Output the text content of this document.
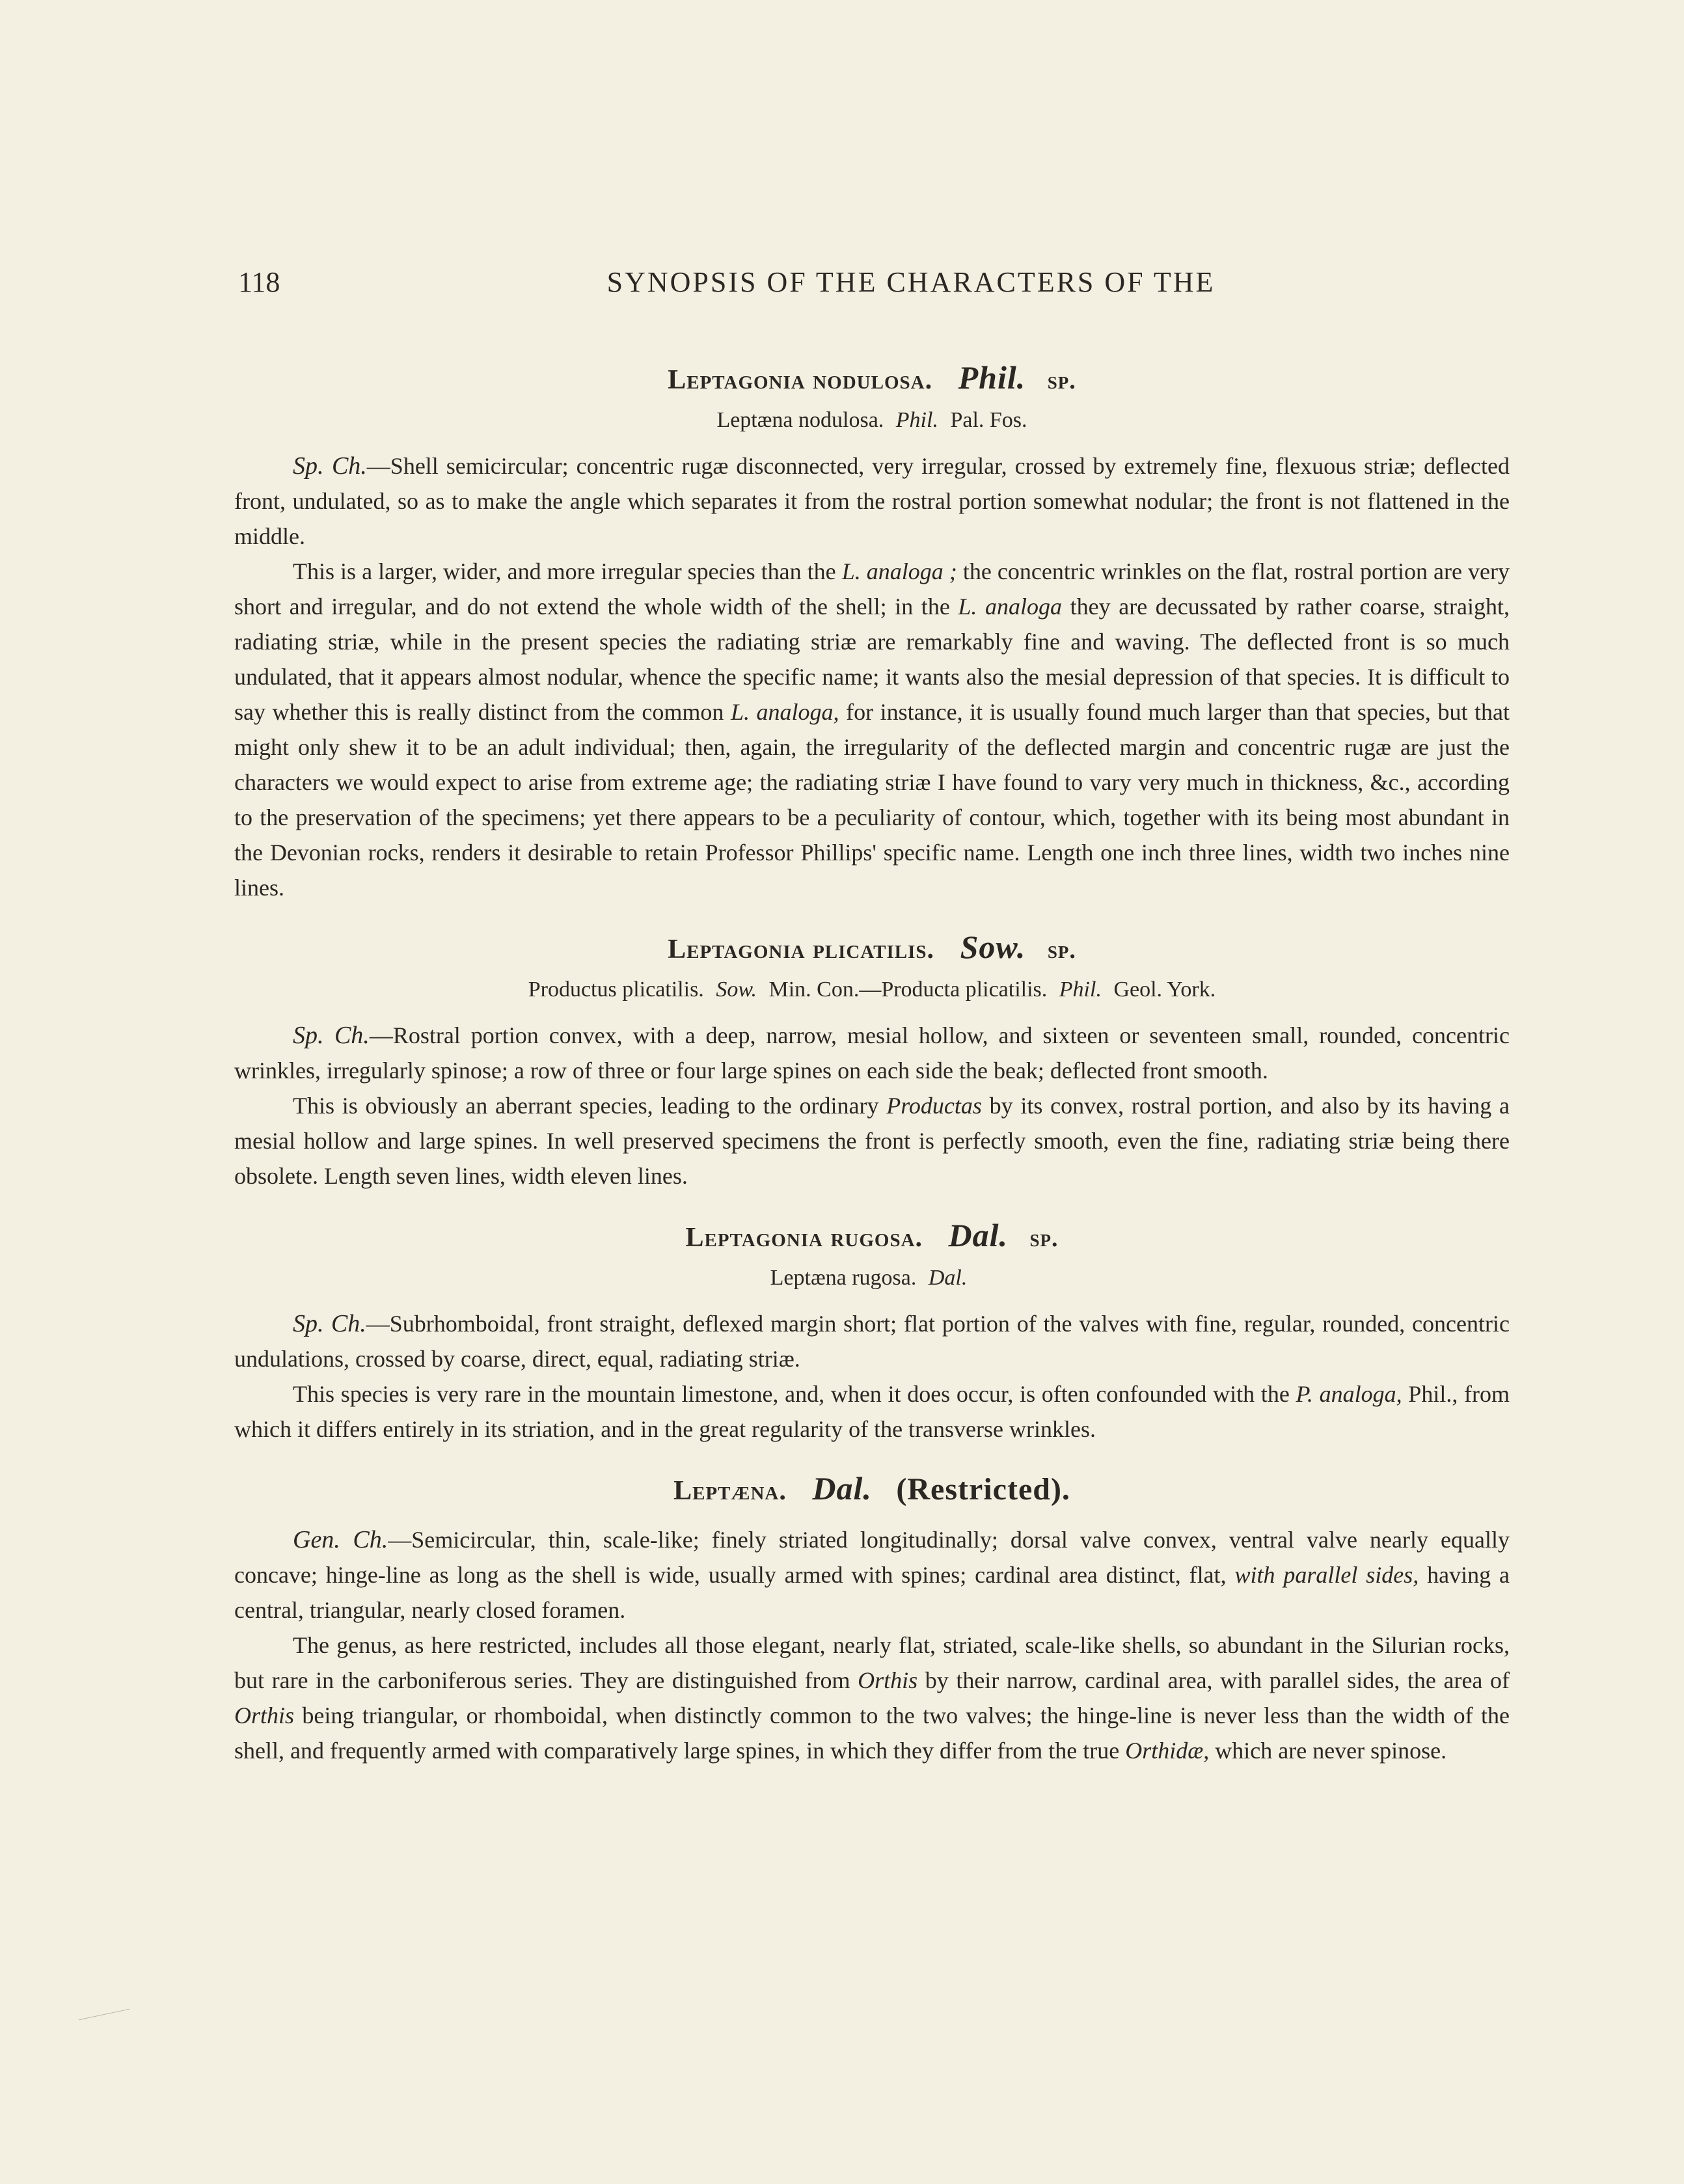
118	SYNOPSIS OF THE CHARACTERS OF THE
Leptagonia nodulosa. Phil. sp.
Leptæna nodulosa. Phil. Pal. Fos.

Sp. Ch.—Shell semicircular; concentric rugæ disconnected, very irregular, crossed by extremely fine, flexuous striæ; deflected front, undulated, so as to make the angle which separates it from the rostral portion somewhat nodular; the front is not flattened in the middle.

This is a larger, wider, and more irregular species than the L. analoga ; the concentric wrinkles on the flat, rostral portion are very short and irregular, and do not extend the whole width of the shell; in the L. analoga they are decussated by rather coarse, straight, radiating striæ, while in the present species the radiating striæ are remarkably fine and waving. The deflected front is so much undulated, that it appears almost nodular, whence the specific name; it wants also the mesial depression of that species. It is difficult to say whether this is really distinct from the common L. analoga, for instance, it is usually found much larger than that species, but that might only shew it to be an adult individual; then, again, the irregularity of the deflected margin and concentric rugæ are just the characters we would expect to arise from extreme age; the radiating striæ I have found to vary very much in thickness, &c., according to the preservation of the specimens; yet there appears to be a peculiarity of contour, which, together with its being most abundant in the Devonian rocks, renders it desirable to retain Professor Phillips' specific name. Length one inch three lines, width two inches nine lines.

Leptagonia plicatilis. Sow. sp.
Productus plicatilis. Sow. Min. Con.—Producta plicatilis. Phil. Geol. York.

Sp. Ch.—Rostral portion convex, with a deep, narrow, mesial hollow, and sixteen or seventeen small, rounded, concentric wrinkles, irregularly spinose; a row of three or four large spines on each side the beak; deflected front smooth.

This is obviously an aberrant species, leading to the ordinary Productas by its convex, rostral portion, and also by its having a mesial hollow and large spines. In well preserved specimens the front is perfectly smooth, even the fine, radiating striæ being there obsolete. Length seven lines, width eleven lines.

Leptagonia rugosa. Dal. sp.
Leptæna rugosa. Dal.

Sp. Ch.—Subrhomboidal, front straight, deflexed margin short; flat portion of the valves with fine, regular, rounded, concentric undulations, crossed by coarse, direct, equal, radiating striæ.

This species is very rare in the mountain limestone, and, when it does occur, is often confounded with the P. analoga, Phil., from which it differs entirely in its striation, and in the great regularity of the transverse wrinkles.

Leptæna. Dal. (Restricted).

Gen. Ch.—Semicircular, thin, scale-like; finely striated longitudinally; dorsal valve convex, ventral valve nearly equally concave; hinge-line as long as the shell is wide, usually armed with spines; cardinal area distinct, flat, with parallel sides, having a central, triangular, nearly closed foramen.

The genus, as here restricted, includes all those elegant, nearly flat, striated, scale-like shells, so abundant in the Silurian rocks, but rare in the carboniferous series. They are distinguished from Orthis by their narrow, cardinal area, with parallel sides, the area of Orthis being triangular, or rhomboidal, when distinctly common to the two valves; the hinge-line is never less than the width of the shell, and frequently armed with comparatively large spines, in which they differ from the true Orthidæ, which are never spinose.
